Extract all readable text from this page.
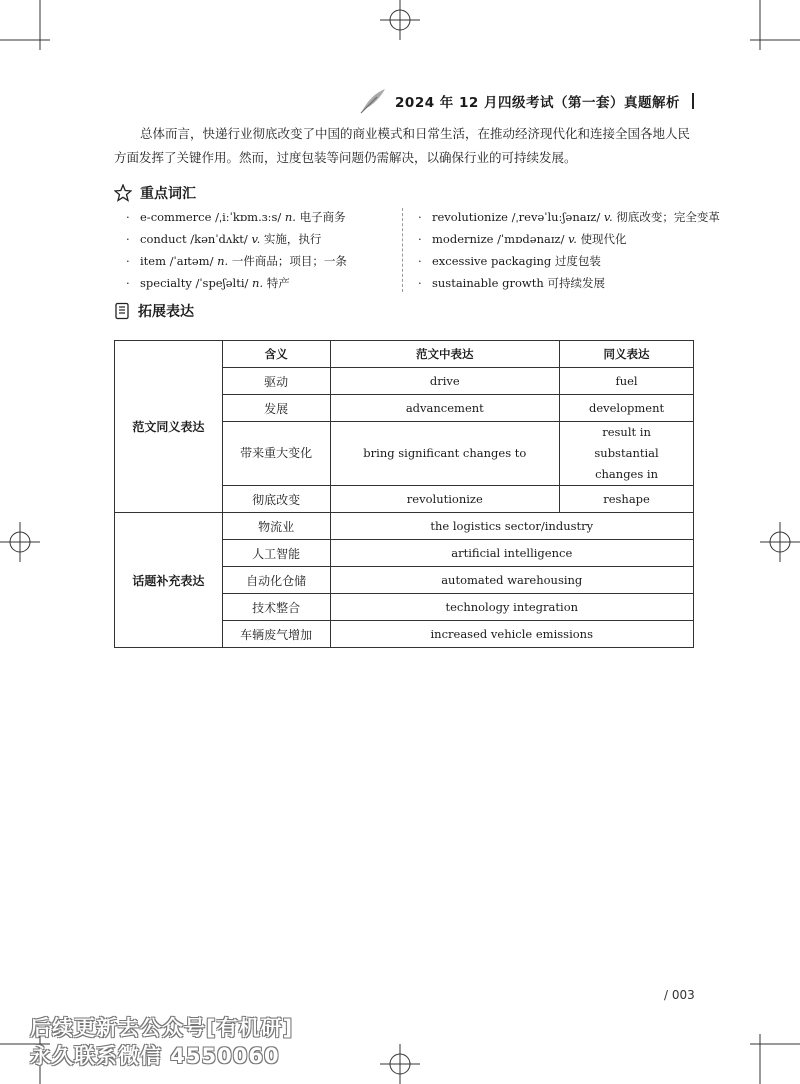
2024 年 12 月四级考试（第一套）真题解析

总体而言，快递行业彻底改变了中国的商业模式和日常生活，在推动经济现代化和连接全国各地人民方面发挥了关键作用。然而，过度包装等问题仍需解决，以确保行业的可持续发展。

重点词汇
· e-commerce /ˌiːˈkɒm.ɜːs/ n. 电子商务
· conduct /kənˈdʌkt/ v. 实施，执行
· item /ˈaɪtəm/ n. 一件商品；项目；一条
· specialty /ˈspeʃəlti/ n. 特产
· revolutionize /ˌrevəˈluːʃənaɪz/ v. 彻底改变；完全变革
· modernize /ˈmɒdənaɪz/ v. 使现代化
· excessive packaging 过度包装
· sustainable growth 可持续发展
拓展表达
范文同义表达	含义	范文中表达	同义表达
	驱动	drive	fuel
	发展	advancement	development
	带来重大变化	bring significant changes to	result in substantial changes in
	彻底改变	revolutionize	reshape
话题补充表达	物流业	the logistics sector/industry	
	人工智能	artificial intelligence	
	自动化仓储	automated warehousing	
	技术整合	technology integration	
	车辆废气增加	increased vehicle emissions	
/ 003
后续更新去公众号[有机研]
永久联系微信 4550060
